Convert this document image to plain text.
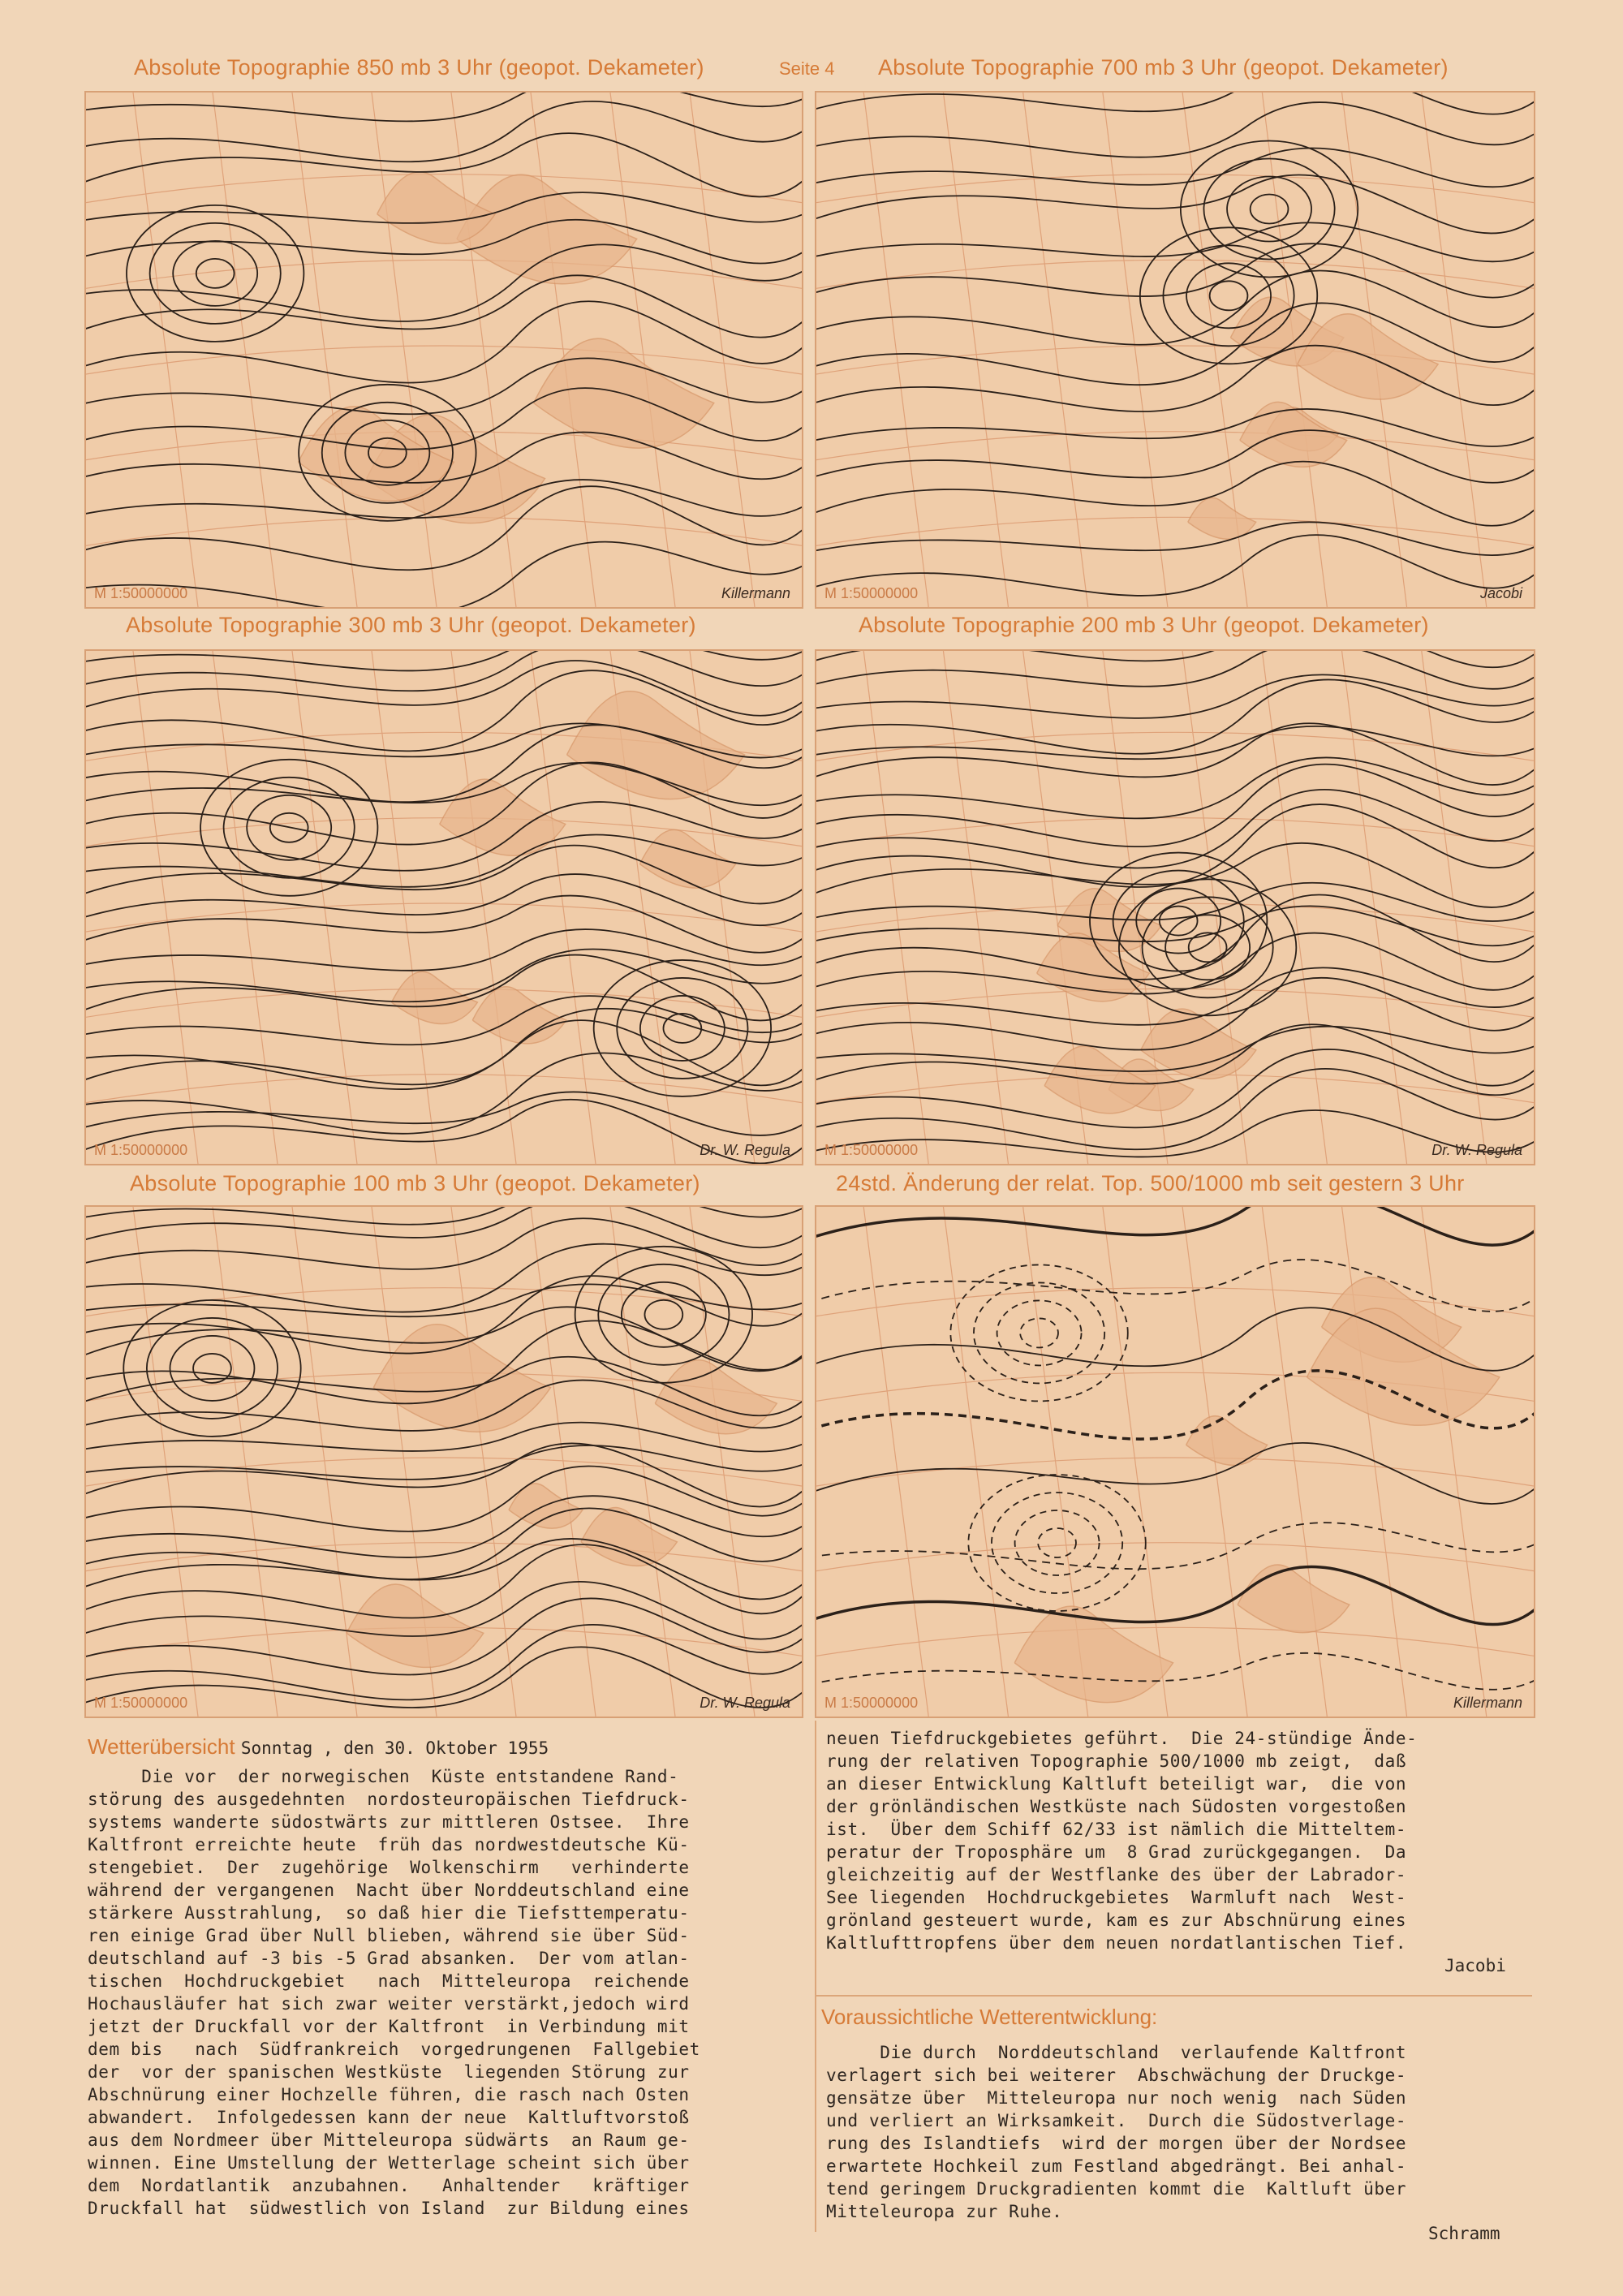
Seite 4
Absolute Topographie 850 mb 3 Uhr (geopot. Dekameter)	Absolute Topographie 700 mb 3 Uhr (geopot. Dekameter)
Absolute Topographie 300 mb 3 Uhr (geopot. Dekameter)	Absolute Topographie 200 mb 3 Uhr (geopot. Dekameter)
Absolute Topographie 100 mb 3 Uhr (geopot. Dekameter)	24std. Änderung der relat. Top. 500/1000 mb seit gestern 3 Uhr
M 1:50000000	Killermann M 1:50000000	Jacobi
M 1:50000000	Dr. W. Regula M 1:50000000	Dr. W. Regula
M 1:50000000	Dr. W. Regula M 1:50000000	Killermann
Wetterübersicht Sonntag , den 30. Oktober 1955
Die vor  der norwegischen  Küste entstandene Rand-
störung des ausgedehnten  nordosteuropäischen Tiefdruck-
systems wanderte südostwärts zur mittleren Ostsee.  Ihre
Kaltfront erreichte heute  früh das nordwestdeutsche Kü-
stengebiet.  Der  zugehörige  Wolkenschirm   verhinderte
während der vergangenen  Nacht über Norddeutschland eine
stärkere Ausstrahlung,  so daß hier die Tiefsttemperatu-
ren einige Grad über Null blieben, während sie über Süd-
deutschland auf -3 bis -5 Grad absanken.  Der vom atlan-
tischen  Hochdruckgebiet   nach  Mitteleuropa  reichende
Hochausläufer hat sich zwar weiter verstärkt,jedoch wird
jetzt der Druckfall vor der Kaltfront  in Verbindung mit
dem bis   nach  Südfrankreich  vorgedrungenen  Fallgebiet
der  vor der spanischen Westküste  liegenden Störung zur
Abschnürung einer Hochzelle führen, die rasch nach Osten
abwandert.  Infolgedessen kann der neue  Kaltluftvorstoß
aus dem Nordmeer über Mitteleuropa südwärts  an Raum ge-
winnen. Eine Umstellung der Wetterlage scheint sich über
dem  Nordatlantik  anzubahnen.   Anhaltender   kräftiger
Druckfall hat  südwestlich von Island  zur Bildung eines
neuen Tiefdruckgebietes geführt.  Die 24-stündige Ände-
rung der relativen Topographie 500/1000 mb zeigt,  daß
an dieser Entwicklung Kaltluft beteiligt war,  die von
der grönländischen Westküste nach Südosten vorgestoßen
ist.  Über dem Schiff 62/33 ist nämlich die Mitteltem-
peratur der Troposphäre um  8 Grad zurückgegangen.  Da
gleichzeitig auf der Westflanke des über der Labrador-
See liegenden  Hochdruckgebietes  Warmluft nach  West-
grönland gesteuert wurde, kam es zur Abschnürung eines
Kaltlufttropfens über dem neuen nordatlantischen Tief.
Jacobi
Voraussichtliche Wetterentwicklung:
Die durch  Norddeutschland  verlaufende Kaltfront
verlagert sich bei weiterer  Abschwächung der Druckge-
gensätze über  Mitteleuropa nur noch wenig  nach Süden
und verliert an Wirksamkeit.  Durch die Südostverlage-
rung des Islandtiefs  wird der morgen über der Nordsee
erwartete Hochkeil zum Festland abgedrängt. Bei anhal-
tend geringem Druckgradienten kommt die  Kaltluft über
Mitteleuropa zur Ruhe.
Schramm
